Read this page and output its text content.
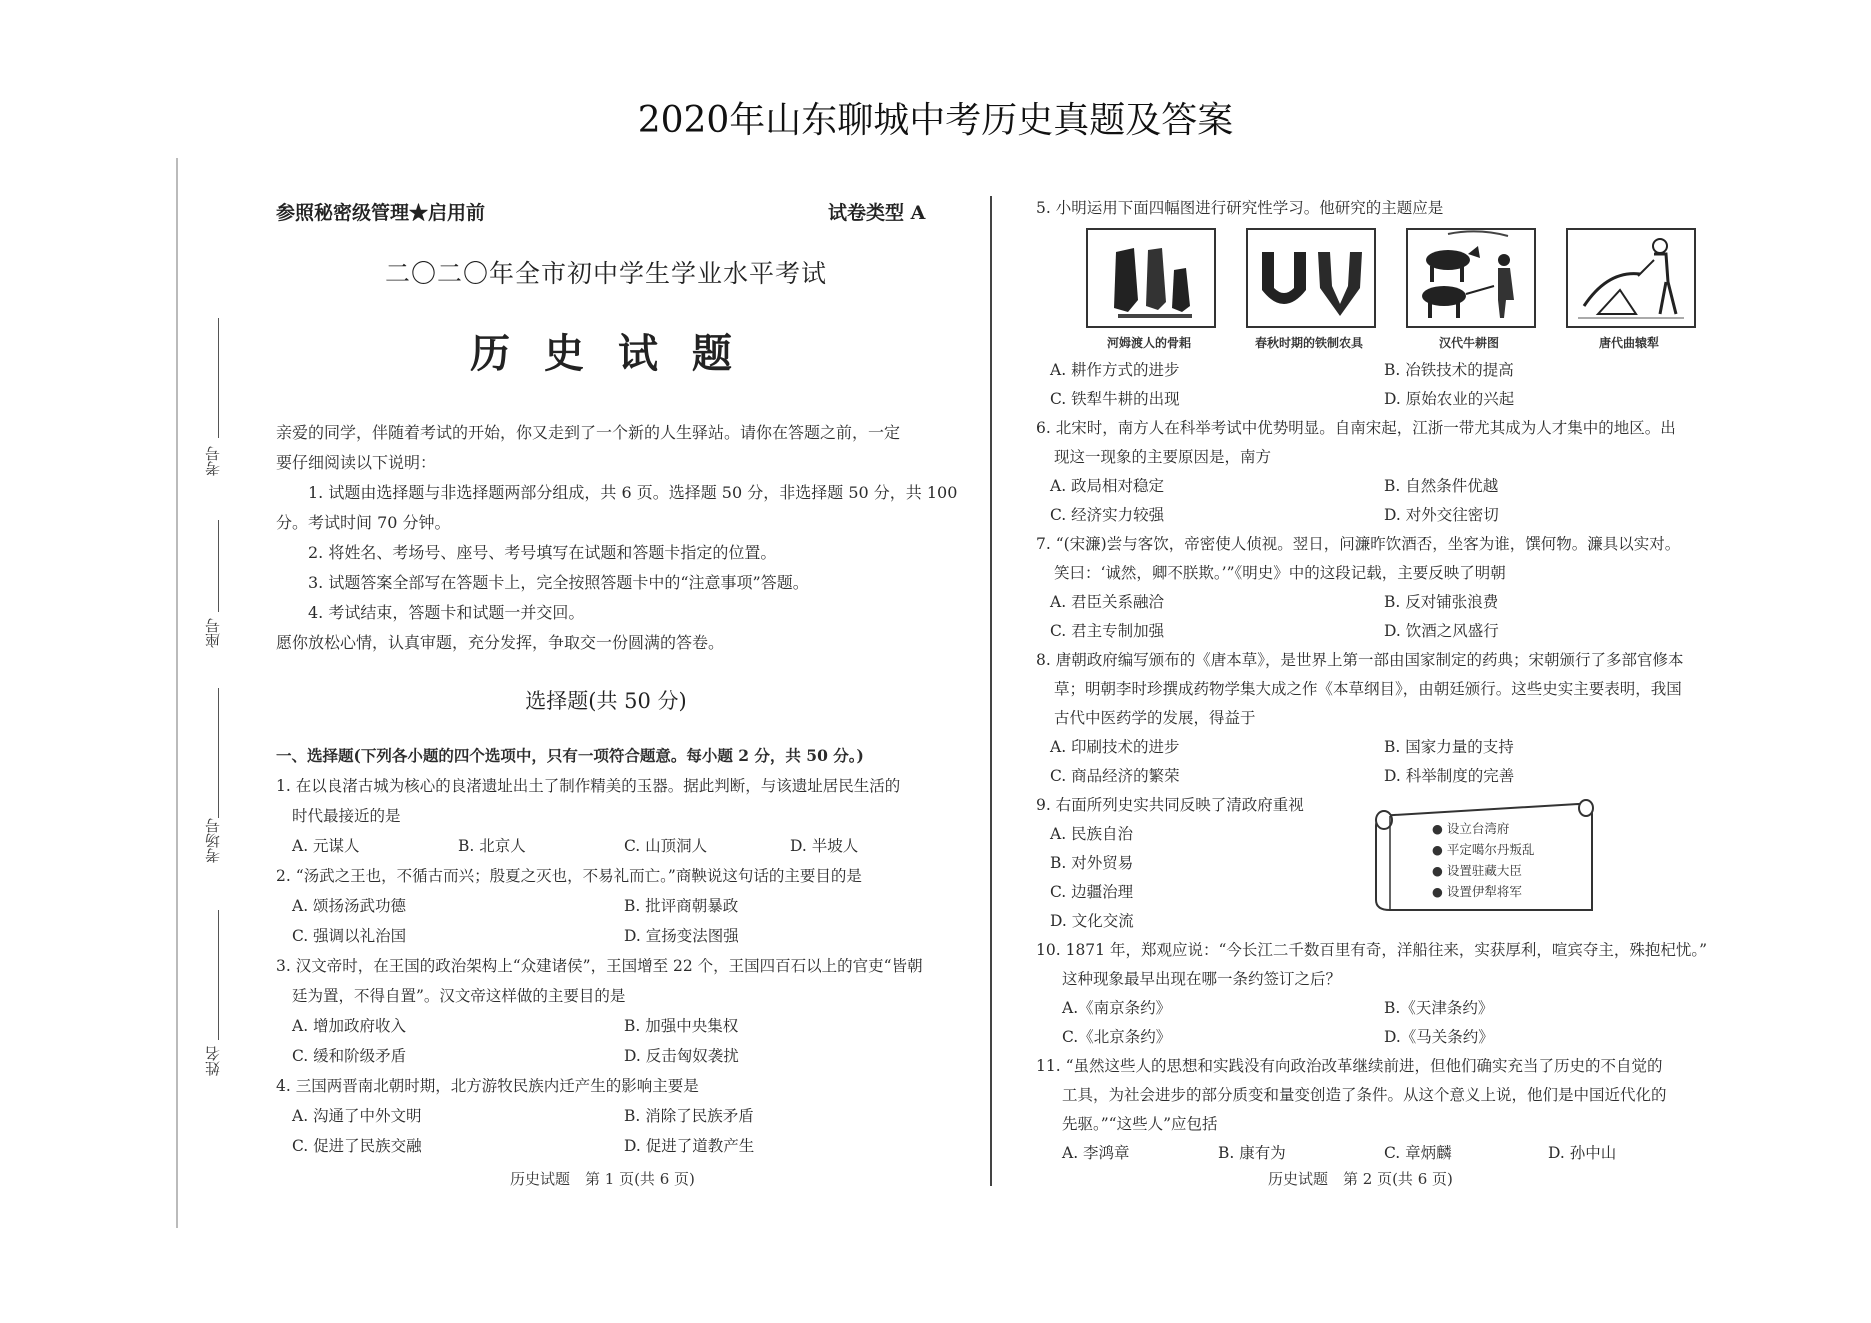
2020年山东聊城中考历史真题及答案
考号
座号
考场号
姓名
参照秘密级管理★启用前	试卷类型 A
二〇二〇年全市初中学生学业水平考试
历 史 试 题
亲爱的同学，伴随着考试的开始，你又走到了一个新的人生驿站。请你在答题之前，一定
要仔细阅读以下说明：
1. 试题由选择题与非选择题两部分组成，共 6 页。选择题 50 分，非选择题 50 分，共 100
分。考试时间 70 分钟。
2. 将姓名、考场号、座号、考号填写在试题和答题卡指定的位置。
3. 试题答案全部写在答题卡上，完全按照答题卡中的“注意事项”答题。
4. 考试结束，答题卡和试题一并交回。
愿你放松心情，认真审题，充分发挥，争取交一份圆满的答卷。
选择题(共 50 分)
一、选择题(下列各小题的四个选项中，只有一项符合题意。每小题 2 分，共 50 分。)
1. 在以良渚古城为核心的良渚遗址出土了制作精美的玉器。据此判断，与该遗址居民生活的
时代最接近的是
A. 元谋人	B. 北京人	C. 山顶洞人	D. 半坡人
2. “汤武之王也，不循古而兴；殷夏之灭也，不易礼而亡。”商鞅说这句话的主要目的是
A. 颂扬汤武功德	B. 批评商朝暴政
C. 强调以礼治国	D. 宣扬变法图强
3. 汉文帝时，在王国的政治架构上“众建诸侯”，王国增至 22 个，王国四百石以上的官吏“皆朝
廷为置，不得自置”。汉文帝这样做的主要目的是
A. 增加政府收入	B. 加强中央集权
C. 缓和阶级矛盾	D. 反击匈奴袭扰
4. 三国两晋南北朝时期，北方游牧民族内迁产生的影响主要是
A. 沟通了中外文明	B. 消除了民族矛盾
C. 促进了民族交融	D. 促进了道教产生
历史试题　第 1 页(共 6 页)
5. 小明运用下面四幅图进行研究性学习。他研究的主题应是
河姆渡人的骨耜	春秋时期的铁制农具	汉代牛耕图	唐代曲辕犁
A. 耕作方式的进步	B. 冶铁技术的提高
C. 铁犁牛耕的出现	D. 原始农业的兴起
6. 北宋时，南方人在科举考试中优势明显。自南宋起，江浙一带尤其成为人才集中的地区。出
现这一现象的主要原因是，南方
A. 政局相对稳定	B. 自然条件优越
C. 经济实力较强	D. 对外交往密切
7. “(宋濂)尝与客饮，帝密使人侦视。翌日，问濂昨饮酒否，坐客为谁，馔何物。濂具以实对。
笑曰：‘诚然，卿不朕欺。’”《明史》中的这段记载，主要反映了明朝
A. 君臣关系融洽	B. 反对铺张浪费
C. 君主专制加强	D. 饮酒之风盛行
8. 唐朝政府编写颁布的《唐本草》，是世界上第一部由国家制定的药典；宋朝颁行了多部官修本
草；明朝李时珍撰成药物学集大成之作《本草纲目》，由朝廷颁行。这些史实主要表明，我国
古代中医药学的发展，得益于
A. 印刷技术的进步	B. 国家力量的支持
C. 商品经济的繁荣	D. 科举制度的完善
9. 右面所列史实共同反映了清政府重视
A. 民族自治
B. 对外贸易
C. 边疆治理
D. 文化交流
● 设立台湾府
● 平定噶尔丹叛乱
● 设置驻藏大臣
● 设置伊犁将军
10. 1871 年，郑观应说：“今长江二千数百里有奇，洋船往来，实获厚利，喧宾夺主，殊抱杞忧。”
这种现象最早出现在哪一条约签订之后？
A.《南京条约》	B.《天津条约》
C.《北京条约》	D.《马关条约》
11. “虽然这些人的思想和实践没有向政治改革继续前进，但他们确实充当了历史的不自觉的
工具，为社会进步的部分质变和量变创造了条件。从这个意义上说，他们是中国近代化的
先驱。”“这些人”应包括
A. 李鸿章	B. 康有为	C. 章炳麟	D. 孙中山
历史试题　第 2 页(共 6 页)
